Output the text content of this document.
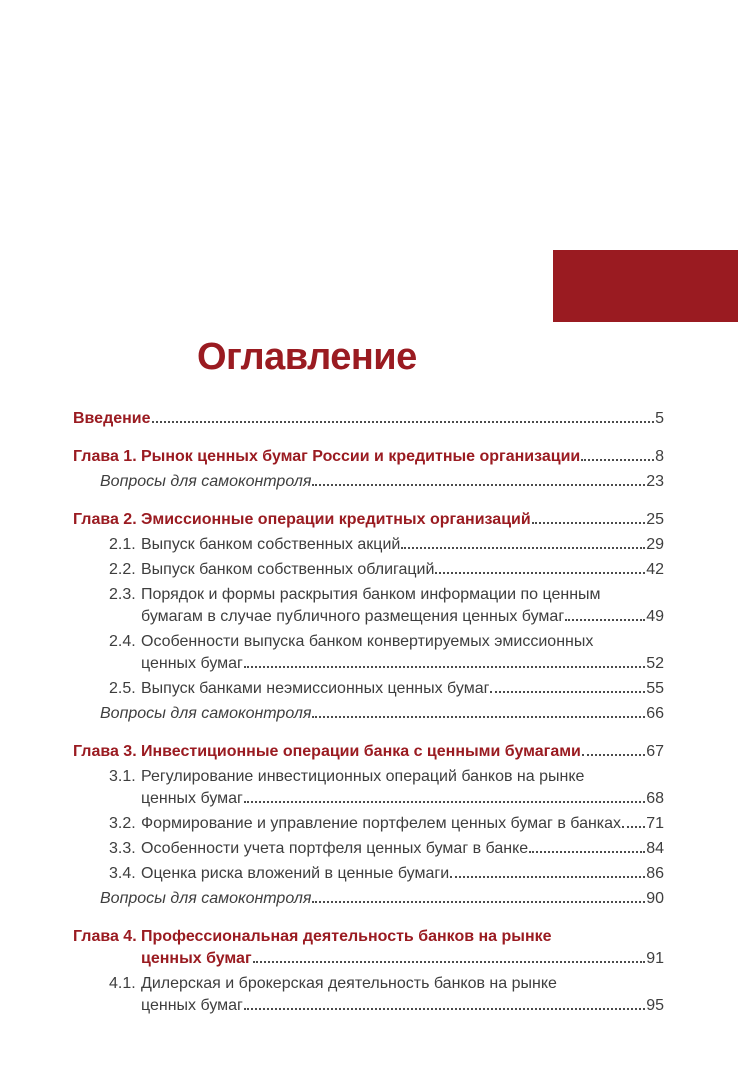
Оглавление
Введение	5
Глава 1. Рынок ценных бумаг России и кредитные организации	8
Вопросы для самоконтроля	23
Глава 2. Эмиссионные операции кредитных организаций	25
2.1. Выпуск банком собственных акций	29
2.2. Выпуск банком собственных облигаций	42
2.3. Порядок и формы раскрытия банком информации по ценным
бумагам в случае публичного размещения ценных бумаг	49
2.4. Особенности выпуска банком конвертируемых эмиссионных
ценных бумаг	52
2.5. Выпуск банками неэмиссионных ценных бумаг	55
Вопросы для самоконтроля	66
Глава 3. Инвестиционные операции банка с ценными бумагами	67
3.1. Регулирование инвестиционных операций банков на рынке
ценных бумаг	68
3.2. Формирование и управление портфелем ценных бумаг в банках 71
3.3. Особенности учета портфеля ценных бумаг в банке	84
3.4. Оценка риска вложений в ценные бумаги	86
Вопросы для самоконтроля	90
Глава 4. Профессиональная деятельность банков на рынке
ценных бумаг	91
4.1. Дилерская и брокерская деятельность банков на рынке
ценных бумаг	95
